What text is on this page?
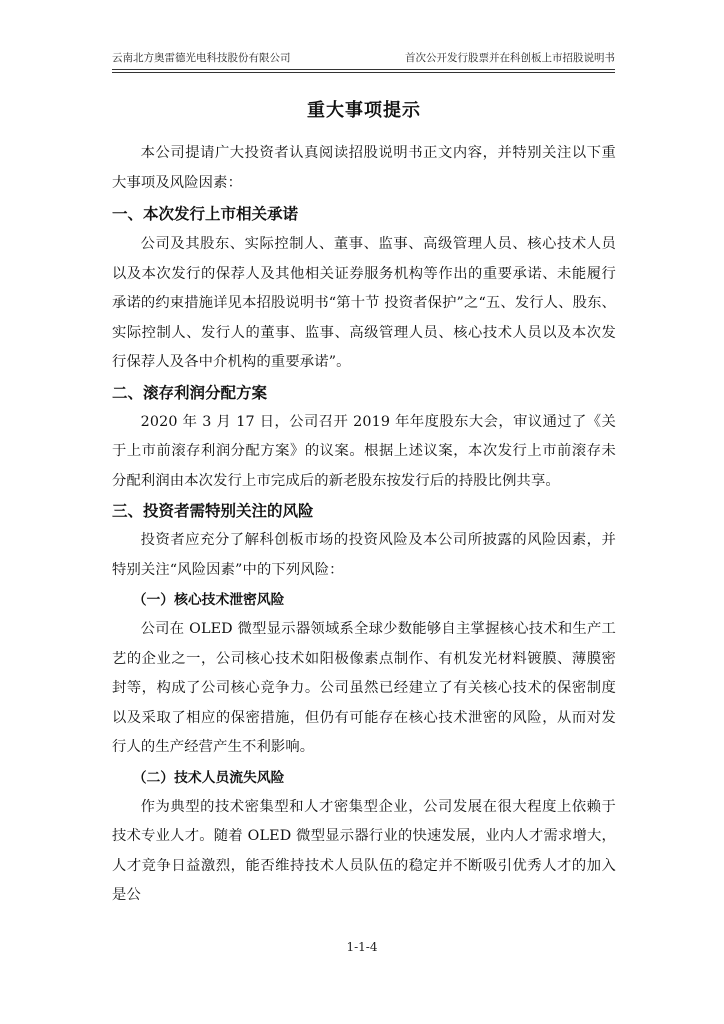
云南北方奥雷德光电科技股份有限公司	首次公开发行股票并在科创板上市招股说明书
重大事项提示

本公司提请广大投资者认真阅读招股说明书正文内容，并特别关注以下重大事项及风险因素：

一、本次发行上市相关承诺

公司及其股东、实际控制人、董事、监事、高级管理人员、核心技术人员以及本次发行的保荐人及其他相关证券服务机构等作出的重要承诺、未能履行承诺的约束措施详见本招股说明书“第十节 投资者保护”之“五、发行人、股东、实际控制人、发行人的董事、监事、高级管理人员、核心技术人员以及本次发行保荐人及各中介机构的重要承诺”。

二、滚存利润分配方案

2020 年 3 月 17 日，公司召开 2019 年年度股东大会，审议通过了《关于上市前滚存利润分配方案》的议案。根据上述议案，本次发行上市前滚存未分配利润由本次发行上市完成后的新老股东按发行后的持股比例共享。

三、投资者需特别关注的风险

投资者应充分了解科创板市场的投资风险及本公司所披露的风险因素，并特别关注“风险因素”中的下列风险：

（一）核心技术泄密风险

公司在 OLED 微型显示器领域系全球少数能够自主掌握核心技术和生产工艺的企业之一，公司核心技术如阳极像素点制作、有机发光材料镀膜、薄膜密封等，构成了公司核心竞争力。公司虽然已经建立了有关核心技术的保密制度以及采取了相应的保密措施，但仍有可能存在核心技术泄密的风险，从而对发行人的生产经营产生不利影响。

（二）技术人员流失风险

作为典型的技术密集型和人才密集型企业，公司发展在很大程度上依赖于技术专业人才。随着 OLED 微型显示器行业的快速发展，业内人才需求增大，人才竞争日益激烈，能否维持技术人员队伍的稳定并不断吸引优秀人才的加入是公

1-1-4
